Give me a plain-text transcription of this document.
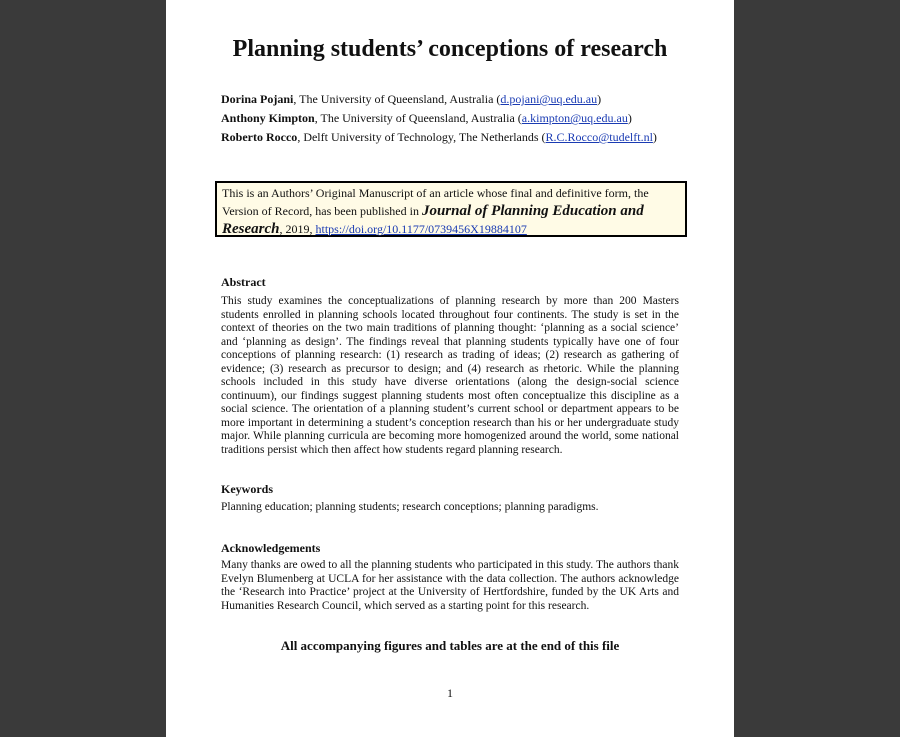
Planning students’ conceptions of research
Dorina Pojani, The University of Queensland, Australia (d.pojani@uq.edu.au)
Anthony Kimpton, The University of Queensland, Australia (a.kimpton@uq.edu.au)
Roberto Rocco, Delft University of Technology, The Netherlands (R.C.Rocco@tudelft.nl)
This is an Authors’ Original Manuscript of an article whose final and definitive form, the Version of Record, has been published in Journal of Planning Education and Research, 2019, https://doi.org/10.1177/0739456X19884107
Abstract
This study examines the conceptualizations of planning research by more than 200 Masters students enrolled in planning schools located throughout four continents. The study is set in the context of theories on the two main traditions of planning thought: ‘planning as a social science’ and ‘planning as design’. The findings reveal that planning students typically have one of four conceptions of planning research: (1) research as trading of ideas; (2) research as gathering of evidence; (3) research as precursor to design; and (4) research as rhetoric. While the planning schools included in this study have diverse orientations (along the design-social science continuum), our findings suggest planning students most often conceptualize this discipline as a social science. The orientation of a planning student’s current school or department appears to be more important in determining a student’s conception research than his or her undergraduate study major. While planning curricula are becoming more homogenized around the world, some national traditions persist which then affect how students regard planning research.
Keywords
Planning education; planning students; research conceptions; planning paradigms.
Acknowledgements
Many thanks are owed to all the planning students who participated in this study. The authors thank Evelyn Blumenberg at UCLA for her assistance with the data collection. The authors acknowledge the ‘Research into Practice’ project at the University of Hertfordshire, funded by the UK Arts and Humanities Research Council, which served as a starting point for this research.
All accompanying figures and tables are at the end of this file
1
